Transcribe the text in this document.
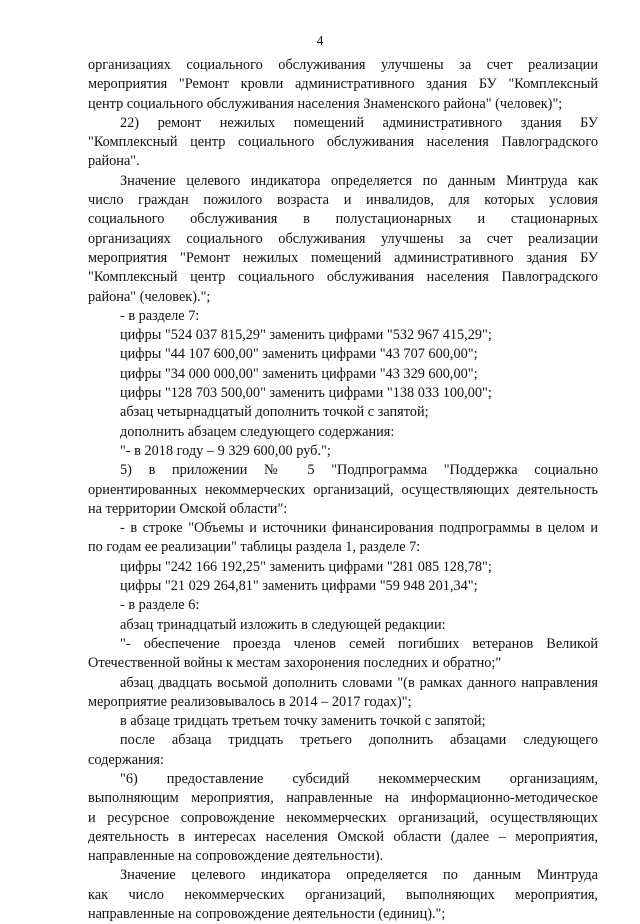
4
организациях социального обслуживания улучшены за счет реализации
мероприятия "Ремонт кровли административного здания БУ "Комплексный
центр социального обслуживания населения Знаменского района" (человек)";
22) ремонт нежилых помещений административного здания БУ
"Комплексный центр социального обслуживания населения Павлоградского
района".
Значение целевого индикатора определяется по данным Минтруда как
число граждан пожилого возраста и инвалидов, для которых условия
социального обслуживания в полустационарных и стационарных
организациях социального обслуживания улучшены за счет реализации
мероприятия "Ремонт нежилых помещений административного здания БУ
"Комплексный центр социального обслуживания населения Павлоградского
района" (человек).";
- в разделе 7:
цифры "524 037 815,29" заменить цифрами "532 967 415,29";
цифры "44 107 600,00" заменить цифрами "43 707 600,00";
цифры "34 000 000,00" заменить цифрами "43 329 600,00";
цифры "128 703 500,00" заменить цифрами "138 033 100,00";
абзац четырнадцатый дополнить точкой с запятой;
дополнить абзацем следующего содержания:
"- в 2018 году – 9 329 600,00 руб.";
5) в приложении № 5 "Подпрограмма "Поддержка социально
ориентированных некоммерческих организаций, осуществляющих деятельность
на территории Омской области":
- в строке "Объемы и источники финансирования подпрограммы в целом и
по годам ее реализации" таблицы раздела 1, разделе 7:
цифры "242 166 192,25" заменить цифрами "281 085 128,78";
цифры "21 029 264,81" заменить цифрами "59 948 201,34";
- в разделе 6:
абзац тринадцатый изложить в следующей редакции:
"- обеспечение проезда членов семей погибших ветеранов Великой
Отечественной войны к местам захоронения последних и обратно;"
абзац двадцать восьмой дополнить словами "(в рамках данного направления
мероприятие реализовывалось в 2014 – 2017 годах)";
в абзаце тридцать третьем точку заменить точкой с запятой;
после абзаца тридцать третьего дополнить абзацами следующего
содержания:
"6) предоставление субсидий некоммерческим организациям,
выполняющим мероприятия, направленные на информационно-методическое
и ресурсное сопровождение некоммерческих организаций, осуществляющих
деятельность в интересах населения Омской области (далее – мероприятия,
направленные на сопровождение деятельности).
Значение целевого индикатора определяется по данным Минтруда
как число некоммерческих организаций, выполняющих мероприятия,
направленные на сопровождение деятельности (единиц).";
